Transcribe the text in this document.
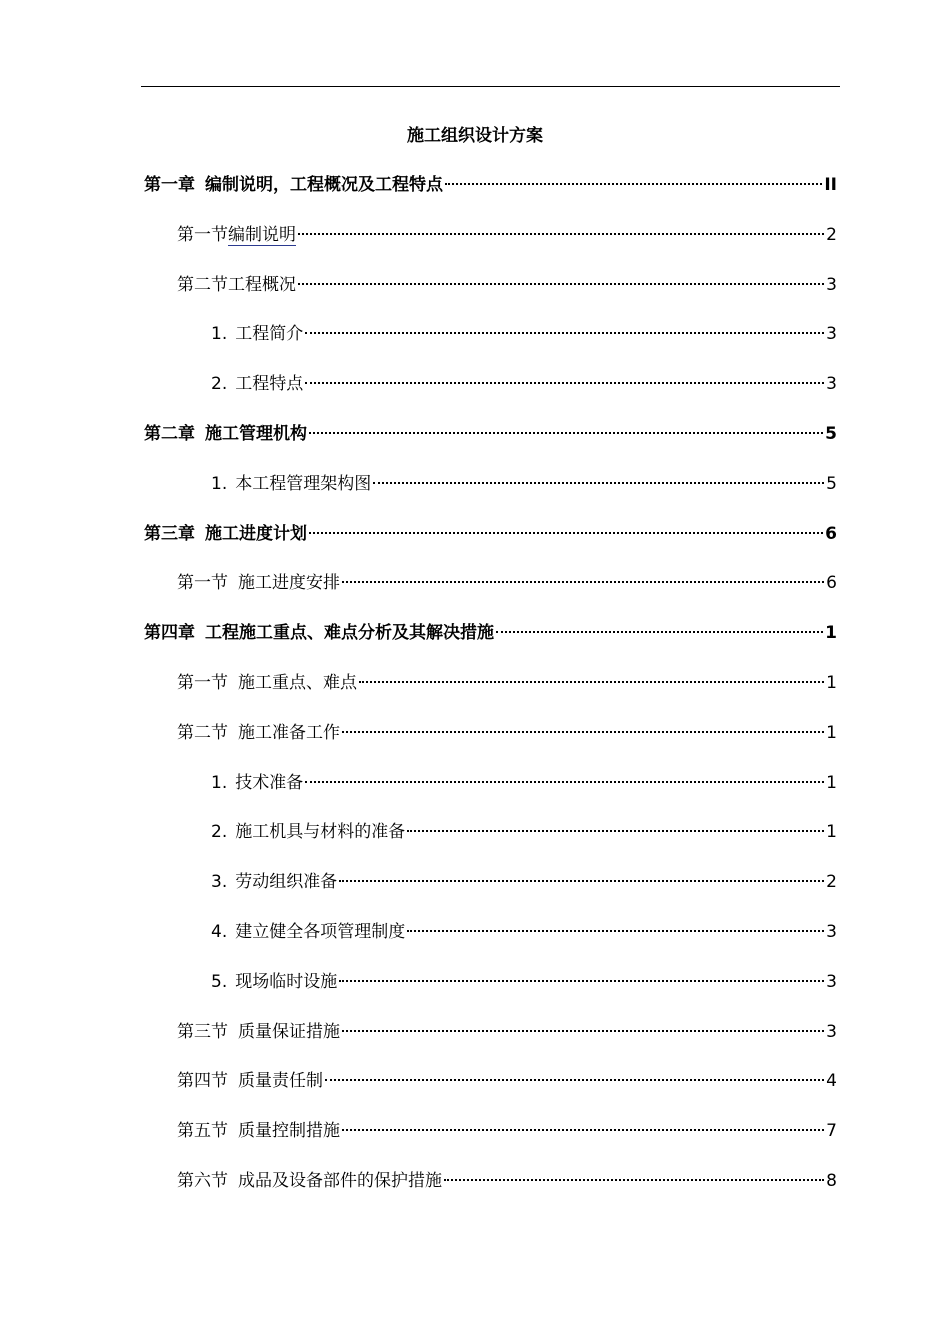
施工组织设计方案
第一章 编制说明，工程概况及工程特点	II
第一节编制说明	2
第二节工程概况	3
1. 工程简介	3
2. 工程特点	3
第二章 施工管理机构	5
1. 本工程管理架构图	5
第三章 施工进度计划	6
第一节 施工进度安排	6
第四章 工程施工重点、难点分析及其解决措施	1
第一节 施工重点、难点	1
第二节 施工准备工作	1
1. 技术准备	1
2. 施工机具与材料的准备	1
3. 劳动组织准备	2
4. 建立健全各项管理制度	3
5. 现场临时设施	3
第三节 质量保证措施	3
第四节 质量责任制	4
第五节 质量控制措施	7
第六节 成品及设备部件的保护措施	8
